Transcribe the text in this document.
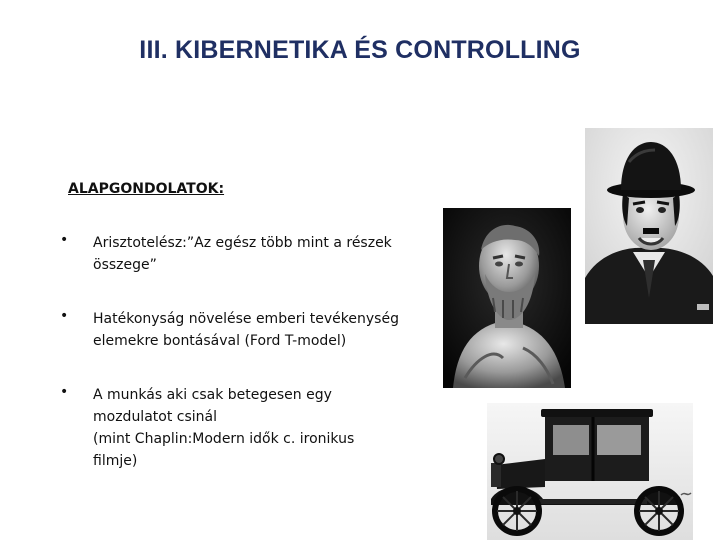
III. KIBERNETIKA ÉS CONTROLLING
ALAPGONDOLATOK:
• Arisztotelész:”Az egész több mint a részek
összege”
• Hatékonyság növelése emberi tevékenység
elemekre bontásával (Ford T-model)
• A munkás aki csak betegesen egy
mozdulatot csinál
(mint Chaplin:Modern idők c. ironikus
filmje)
